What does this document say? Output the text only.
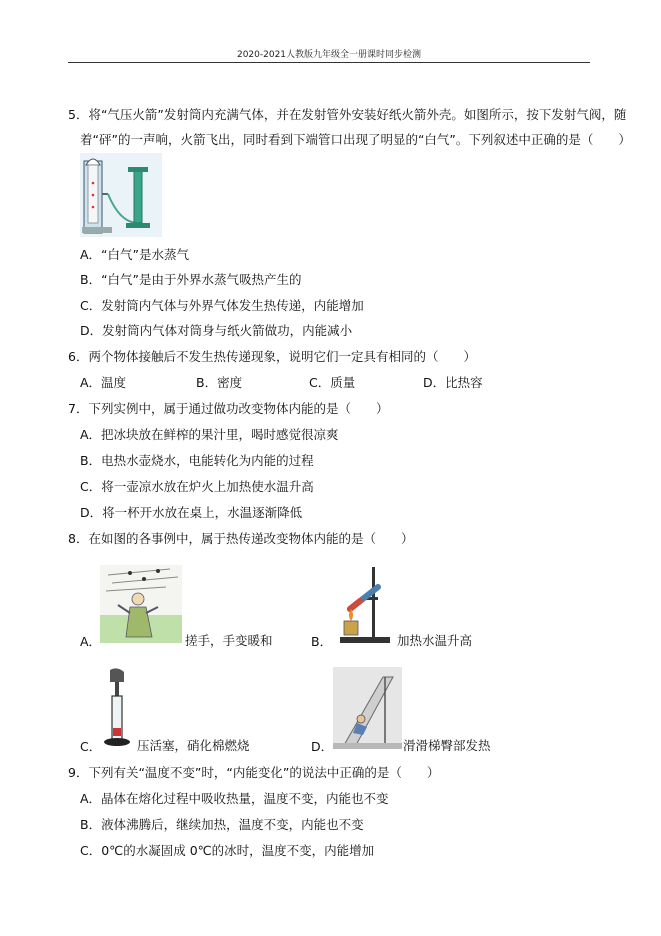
2020-2021人教版九年级全一册课时同步检测
5．将“气压火箭”发射筒内充满气体，并在发射管外安装好纸火箭外壳。如图所示，按下发射气阀，随
着“砰”的一声响，火箭飞出，同时看到下端管口出现了明显的“白气”。下列叙述中正确的是（　　）
A．“白气”是水蒸气
B．“白气”是由于外界水蒸气吸热产生的
C．发射筒内气体与外界气体发生热传递，内能增加
D．发射筒内气体对筒身与纸火箭做功，内能减小
6．两个物体接触后不发生热传递现象，说明它们一定具有相同的（　　）
A．温度	B．密度	C．质量	D．比热容
7．下列实例中，属于通过做功改变物体内能的是（　　）
A．把冰块放在鲜榨的果汁里，喝时感觉很凉爽
B．电热水壶烧水，电能转化为内能的过程
C．将一壶凉水放在炉火上加热使水温升高
D．将一杯开水放在桌上，水温逐渐降低
8．在如图的各事例中，属于热传递改变物体内能的是（　　）
A．	搓手，手变暖和	B．	加热水温升高
C．	压活塞，硝化棉燃烧	D．	滑滑梯臀部发热
9．下列有关“温度不变”时，“内能变化”的说法中正确的是（　　）
A．晶体在熔化过程中吸收热量，温度不变，内能也不变
B．液体沸腾后，继续加热，温度不变，内能也不变
C．0℃的水凝固成 0℃的冰时，温度不变，内能增加
